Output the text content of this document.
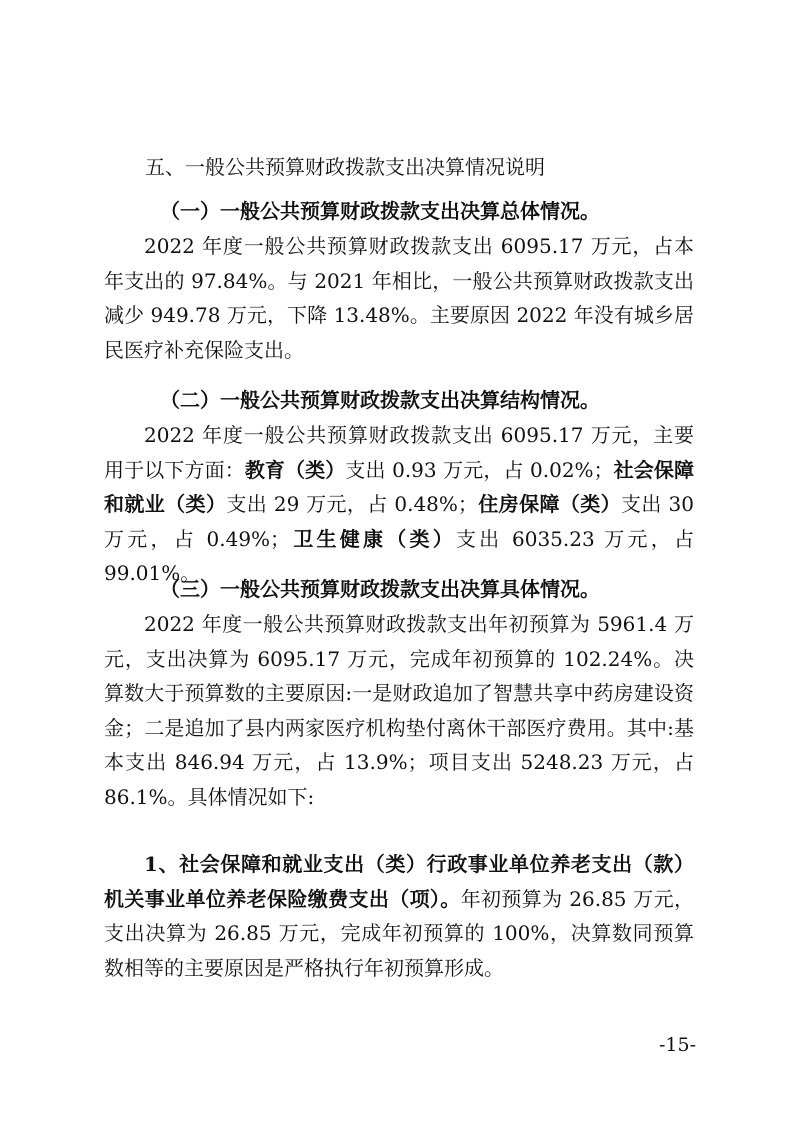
五、一般公共预算财政拨款支出决算情况说明
（一）一般公共预算财政拨款支出决算总体情况。
2022 年度一般公共预算财政拨款支出 6095.17 万元，占本年支出的 97.84%。与 2021 年相比，一般公共预算财政拨款支出减少 949.78 万元，下降 13.48%。主要原因 2022 年没有城乡居民医疗补充保险支出。
（二）一般公共预算财政拨款支出决算结构情况。
2022 年度一般公共预算财政拨款支出 6095.17 万元，主要用于以下方面：教育（类）支出 0.93 万元，占 0.02%；社会保障和就业（类）支出 29 万元，占 0.48%；住房保障（类）支出 30 万元，占 0.49%；卫生健康（类）支出 6035.23 万元，占 99.01%。
（三）一般公共预算财政拨款支出决算具体情况。
2022 年度一般公共预算财政拨款支出年初预算为 5961.4 万元，支出决算为 6095.17 万元，完成年初预算的 102.24%。决算数大于预算数的主要原因:一是财政追加了智慧共享中药房建设资金；二是追加了县内两家医疗机构垫付离休干部医疗费用。其中:基本支出 846.94 万元，占 13.9%；项目支出 5248.23 万元，占 86.1%。具体情况如下:
1、社会保障和就业支出（类）行政事业单位养老支出（款）机关事业单位养老保险缴费支出（项）。年初预算为 26.85 万元，支出决算为 26.85 万元，完成年初预算的 100%，决算数同预算数相等的主要原因是严格执行年初预算形成。
-15-
